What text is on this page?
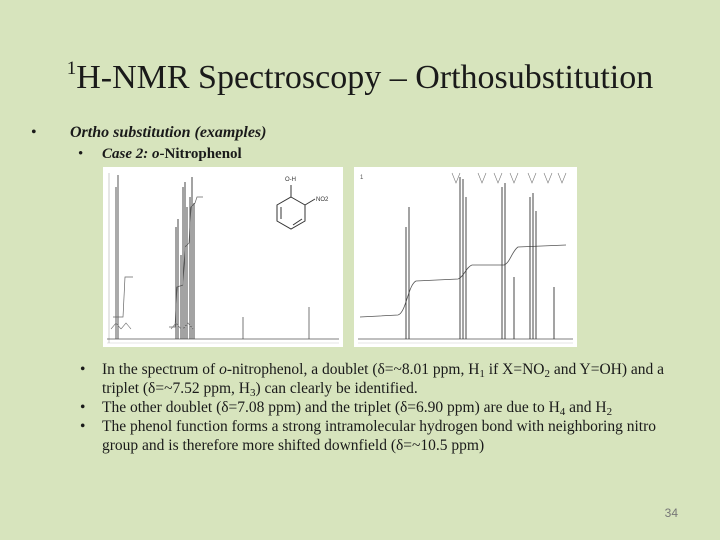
$^1$H-NMR Spectroscopy – Orthosubstitution
•	Ortho substitution (examples)
•	Case 2: o-Nitrophenol
O-H
NO2
1
•	In the spectrum of o-nitrophenol, a doublet (δ=~8.01 ppm, $H_1$ if $X=NO_2$ and Y=OH) and a triplet (δ=~7.52 ppm, $H_3$) can clearly be identified.
•	The other doublet (δ=7.08 ppm) and the triplet (δ=6.90 ppm) are due to $H_4$ and $H_2$
•	The phenol function forms a strong intramolecular hydrogen bond with neighboring nitro group and is therefore more shifted downfield (δ=~10.5 ppm)
34
